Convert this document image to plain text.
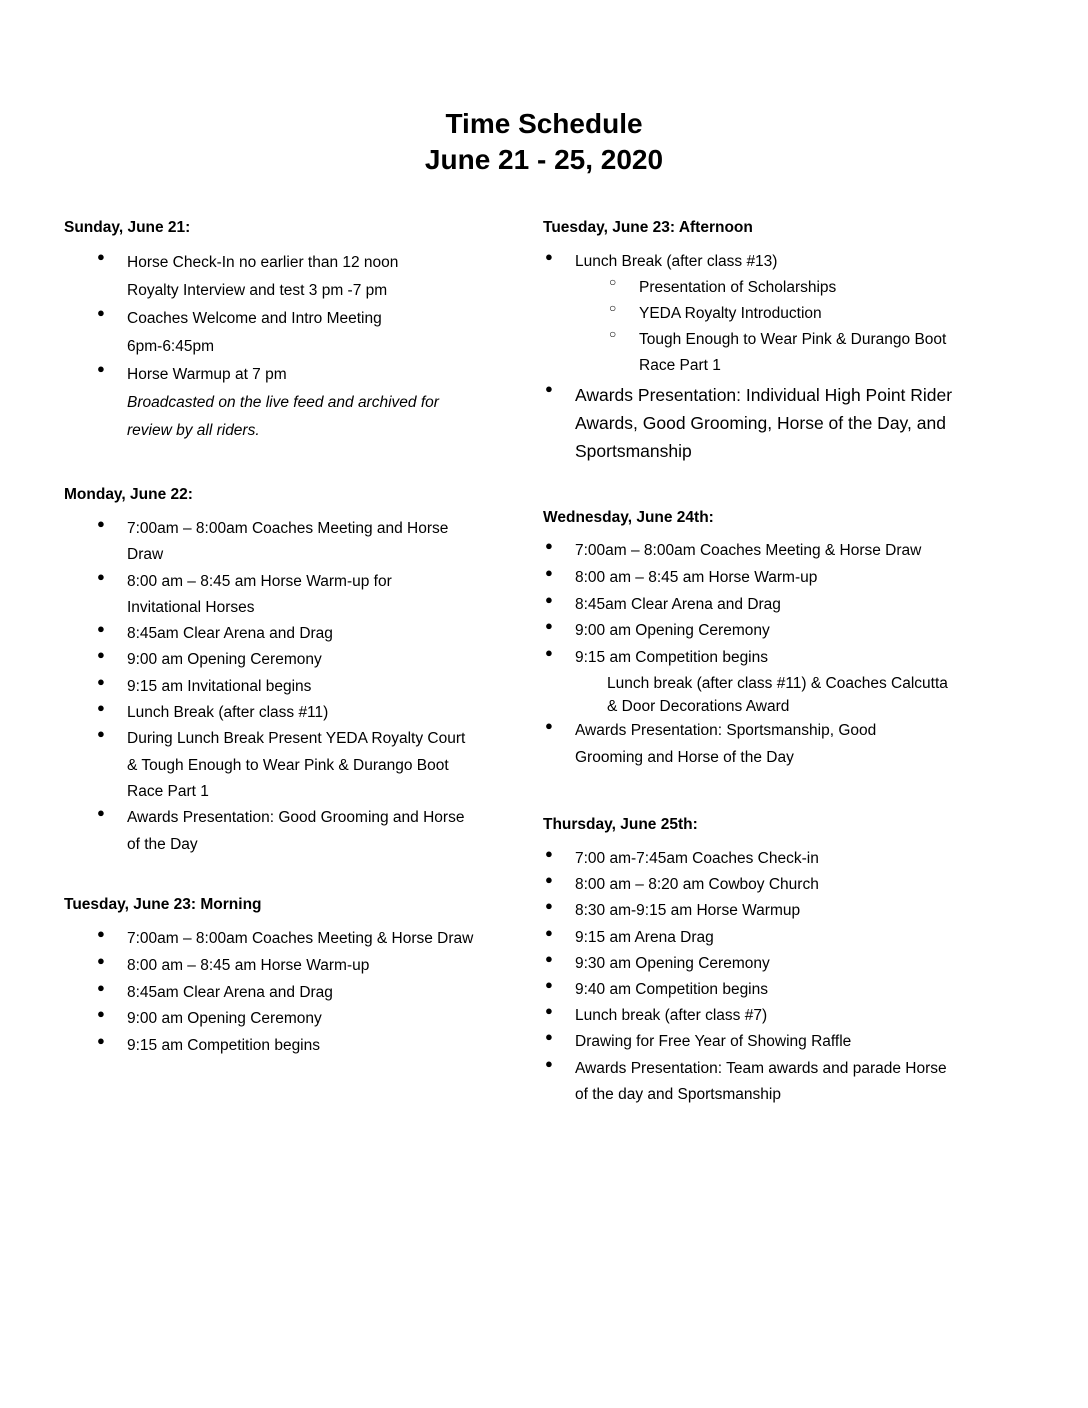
Time Schedule
June 21 - 25, 2020
Sunday, June 21:
●	Horse Check-In no earlier than 12 noon
Royalty Interview and test 3 pm -7 pm
●	Coaches Welcome and Intro Meeting
6pm-6:45pm
●	Horse Warmup at 7 pm
Broadcasted on the live feed and archived for
review by all riders.
Monday, June 22:
●	7:00am – 8:00am Coaches Meeting and Horse
Draw
●	8:00 am – 8:45 am Horse Warm-up for
Invitational Horses
●	8:45am Clear Arena and Drag
●	9:00 am Opening Ceremony
●	9:15 am Invitational begins
●	Lunch Break (after class #11)
●	During Lunch Break Present YEDA Royalty Court
& Tough Enough to Wear Pink & Durango Boot
Race Part 1
●	Awards Presentation: Good Grooming and Horse
of the Day
Tuesday, June 23: Morning
●	7:00am – 8:00am Coaches Meeting & Horse Draw
●	8:00 am – 8:45 am Horse Warm-up
●	8:45am Clear Arena and Drag
●	9:00 am Opening Ceremony
●	9:15 am Competition begins
Tuesday, June 23: Afternoon
●	Lunch Break (after class #13)
○	Presentation of Scholarships
○	YEDA Royalty Introduction
○	Tough Enough to Wear Pink & Durango Boot
Race Part 1
●	Awards Presentation: Individual High Point Rider
Awards, Good Grooming, Horse of the Day, and
Sportsmanship
Wednesday, June 24th:
●	7:00am – 8:00am Coaches Meeting & Horse Draw
●	8:00 am – 8:45 am Horse Warm-up
●	8:45am Clear Arena and Drag
●	9:00 am Opening Ceremony
●	9:15 am Competition begins
Lunch break (after class #11) & Coaches Calcutta
& Door Decorations Award
●	Awards Presentation: Sportsmanship, Good
Grooming and Horse of the Day
Thursday, June 25th:
●	7:00 am-7:45am Coaches Check-in
●	8:00 am – 8:20 am Cowboy Church
●	8:30 am-9:15 am Horse Warmup
●	9:15 am Arena Drag
●	9:30 am Opening Ceremony
●	9:40 am Competition begins
●	Lunch break (after class #7)
●	Drawing for Free Year of Showing Raffle
●	Awards Presentation: Team awards and parade Horse
of the day and Sportsmanship
